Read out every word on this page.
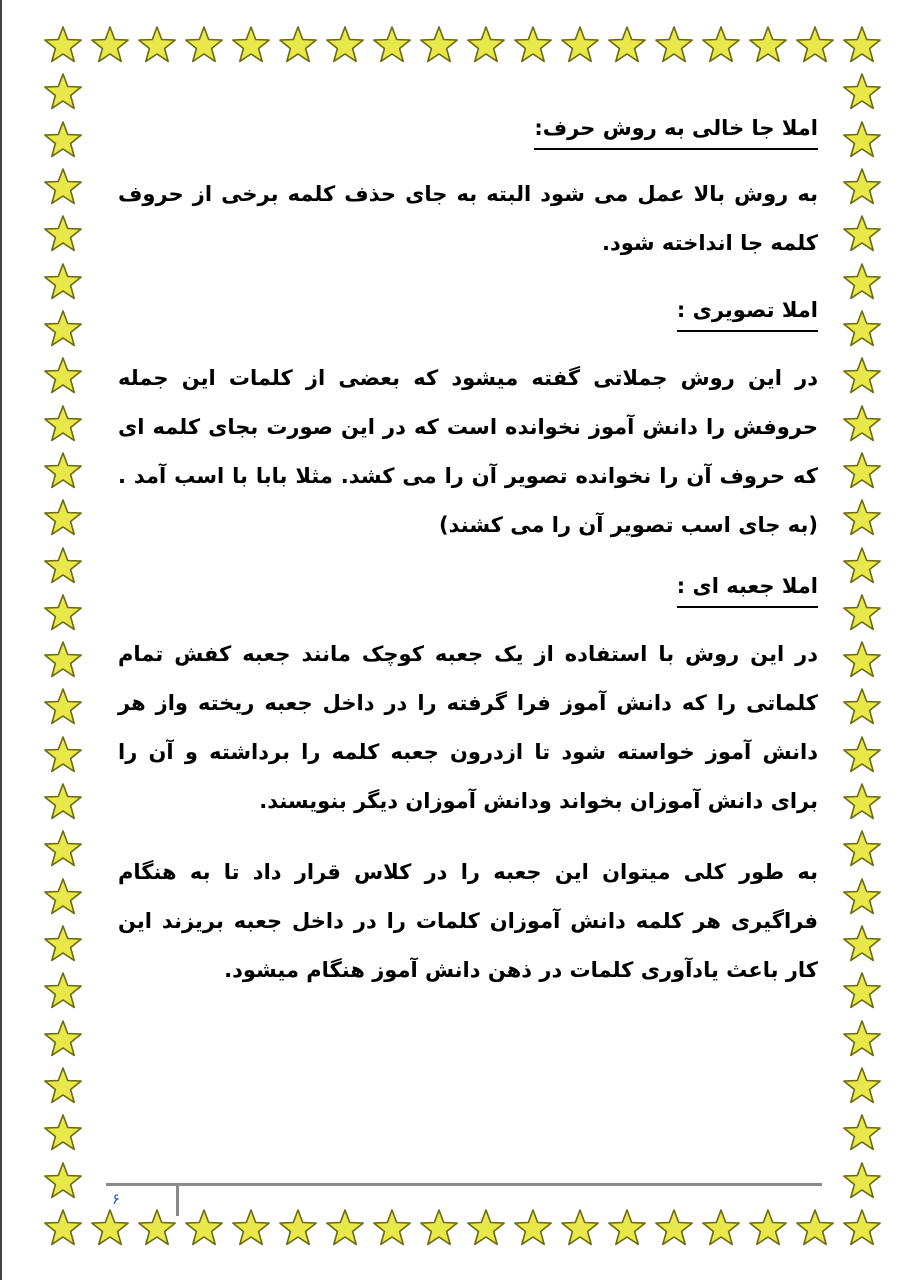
املا جا خالی به روش حرف:

به روش بالا عمل می شود البته به جای حذف کلمه برخی از حروف کلمه جا انداخته شود.

املا تصویری :

در این روش جملاتی گفته میشود که بعضی از کلمات این جمله حروفش را دانش آموز نخوانده است که در این صورت بجای کلمه ای که حروف آن را نخوانده تصویر آن را می کشد. مثلا بابا با اسب آمد .(به جای اسب تصویر آن را می کشند)

املا جعبه ای :

در این روش با استفاده از یک جعبه کوچک مانند جعبه کفش تمام کلماتی را که دانش آموز فرا گرفته را در داخل جعبه ریخته واز هر دانش آموز خواسته شود تا ازدرون جعبه کلمه را برداشته و آن را برای دانش آموزان بخواند ودانش آموزان دیگر بنویسند.

به طور کلی میتوان این جعبه را در کلاس قرار داد تا به هنگام فراگیری هر کلمه دانش آموزان کلمات را در داخل جعبه بریزند این کار باعث یادآوری کلمات در ذهن دانش آموز هنگام میشود.

۶
